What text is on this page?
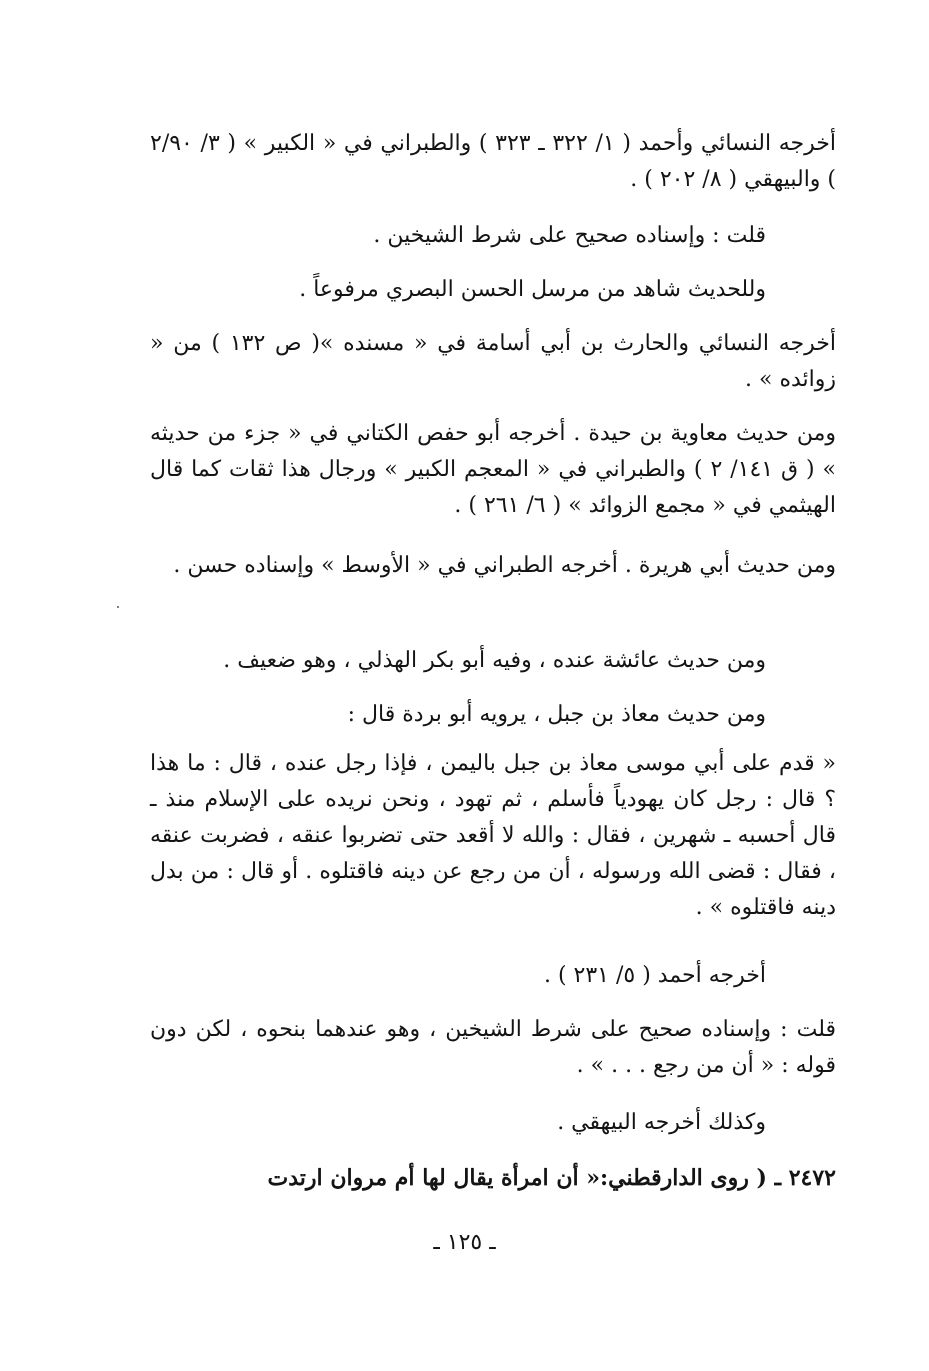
أخرجه النسائي وأحمد ( ١/ ٣٢٢ ـ ٣٢٣ ) والطبراني في « الكبير » ( ٣/ ٢/٩٠ ) والبيهقي ( ٨/ ٢٠٢ ) .

قلت : وإسناده صحيح على شرط الشيخين .

وللحديث شاهد من مرسل الحسن البصري مرفوعاً .

أخرجه النسائي والحارث بن أبي أسامة في « مسنده »( ص ١٣٢ ) من « زوائده » .

ومن حديث معاوية بن حيدة . أخرجه أبو حفص الكتاني في « جزء من حديثه » ( ق ١٤١/ ٢ ) والطبراني في « المعجم الكبير » ورجال هذا ثقات كما قال الهيثمي في « مجمع الزوائد » ( ٦/ ٢٦١ ) .

ومن حديث أبي هريرة . أخرجه الطبراني في « الأوسط » وإسناده حسن .

ومن حديث عائشة عنده ، وفيه أبو بكر الهذلي ، وهو ضعيف .

ومن حديث معاذ بن جبل ، يرويه أبو بردة قال :

« قدم على أبي موسى معاذ بن جبل باليمن ، فإذا رجل عنده ، قال : ما هذا ؟ قال : رجل كان يهودياً فأسلم ، ثم تهود ، ونحن نريده على الإسلام منذ ـ قال أحسبه ـ شهرين ، فقال : والله لا أقعد حتى تضربوا عنقه ، فضربت عنقه ، فقال : قضى الله ورسوله ، أن من رجع عن دينه فاقتلوه . أو قال : من بدل دينه فاقتلوه » .

أخرجه أحمد ( ٥/ ٢٣١ ) .

قلت : وإسناده صحيح على شرط الشيخين ، وهو عندهما بنحوه ، لكن دون قوله : « أن من رجع . . . » .

وكذلك أخرجه البيهقي .

٢٤٧٢ ـ ( روى الدارقطني:« أن امرأة يقال لها أم مروان ارتدت

ـ ١٢٥ ـ
